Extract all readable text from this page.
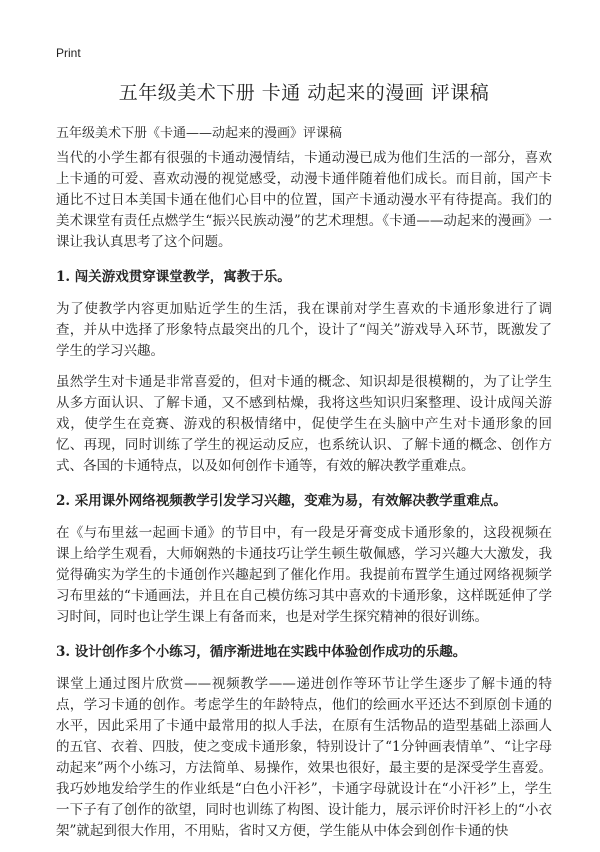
Print
五年级美术下册 卡通 动起来的漫画 评课稿
五年级美术下册《卡通——动起来的漫画》评课稿

当代的小学生都有很强的卡通动漫情结，卡通动漫已成为他们生活的一部分，喜欢上卡通的可爱、喜欢动漫的视觉感受，动漫卡通伴随着他们成长。而目前，国产卡通比不过日本美国卡通在他们心目中的位置，国产卡通动漫水平有待提高。我们的美术课堂有责任点燃学生“振兴民族动漫”的艺术理想。《卡通——动起来的漫画》一课让我认真思考了这个问题。

1. 闯关游戏贯穿课堂教学，寓教于乐。

为了使教学内容更加贴近学生的生活，我在课前对学生喜欢的卡通形象进行了调查，并从中选择了形象特点最突出的几个，设计了“闯关”游戏导入环节，既激发了学生的学习兴趣。

虽然学生对卡通是非常喜爱的，但对卡通的概念、知识却是很模糊的，为了让学生从多方面认识、了解卡通，又不感到枯燥，我将这些知识归案整理、设计成闯关游戏，使学生在竞赛、游戏的积极情绪中，促使学生在头脑中产生对卡通形象的回忆、再现，同时训练了学生的视运动反应，也系统认识、了解卡通的概念、创作方式、各国的卡通特点，以及如何创作卡通等，有效的解决教学重难点。

2. 采用课外网络视频教学引发学习兴趣，变难为易，有效解决教学重难点。

在《与布里兹一起画卡通》的节目中，有一段是牙膏变成卡通形象的，这段视频在课上给学生观看，大师娴熟的卡通技巧让学生顿生敬佩感，学习兴趣大大激发，我觉得确实为学生的卡通创作兴趣起到了催化作用。我提前布置学生通过网络视频学习布里兹的“卡通画法，并且在自己模仿练习其中喜欢的卡通形象，这样既延伸了学习时间，同时也让学生课上有备而来，也是对学生探究精神的很好训练。

3. 设计创作多个小练习，循序渐进地在实践中体验创作成功的乐趣。

课堂上通过图片欣赏——视频教学——递进创作等环节让学生逐步了解卡通的特点，学习卡通的创作。考虑学生的年龄特点，他们的绘画水平还达不到原创卡通的水平，因此采用了卡通中最常用的拟人手法，在原有生活物品的造型基础上添画人的五官、衣着、四肢，使之变成卡通形象，特别设计了“1分钟画表情单”、“让字母动起来”两个小练习，方法简单、易操作，效果也很好，最主要的是深受学生喜爱。我巧妙地发给学生的作业纸是“白色小汗衫”，卡通字母就设计在“小汗衫”上，学生一下子有了创作的欲望，同时也训练了构图、设计能力，展示评价时汗衫上的“小衣架”就起到很大作用，不用贴，省时又方便，学生能从中体会到创作卡通的快
